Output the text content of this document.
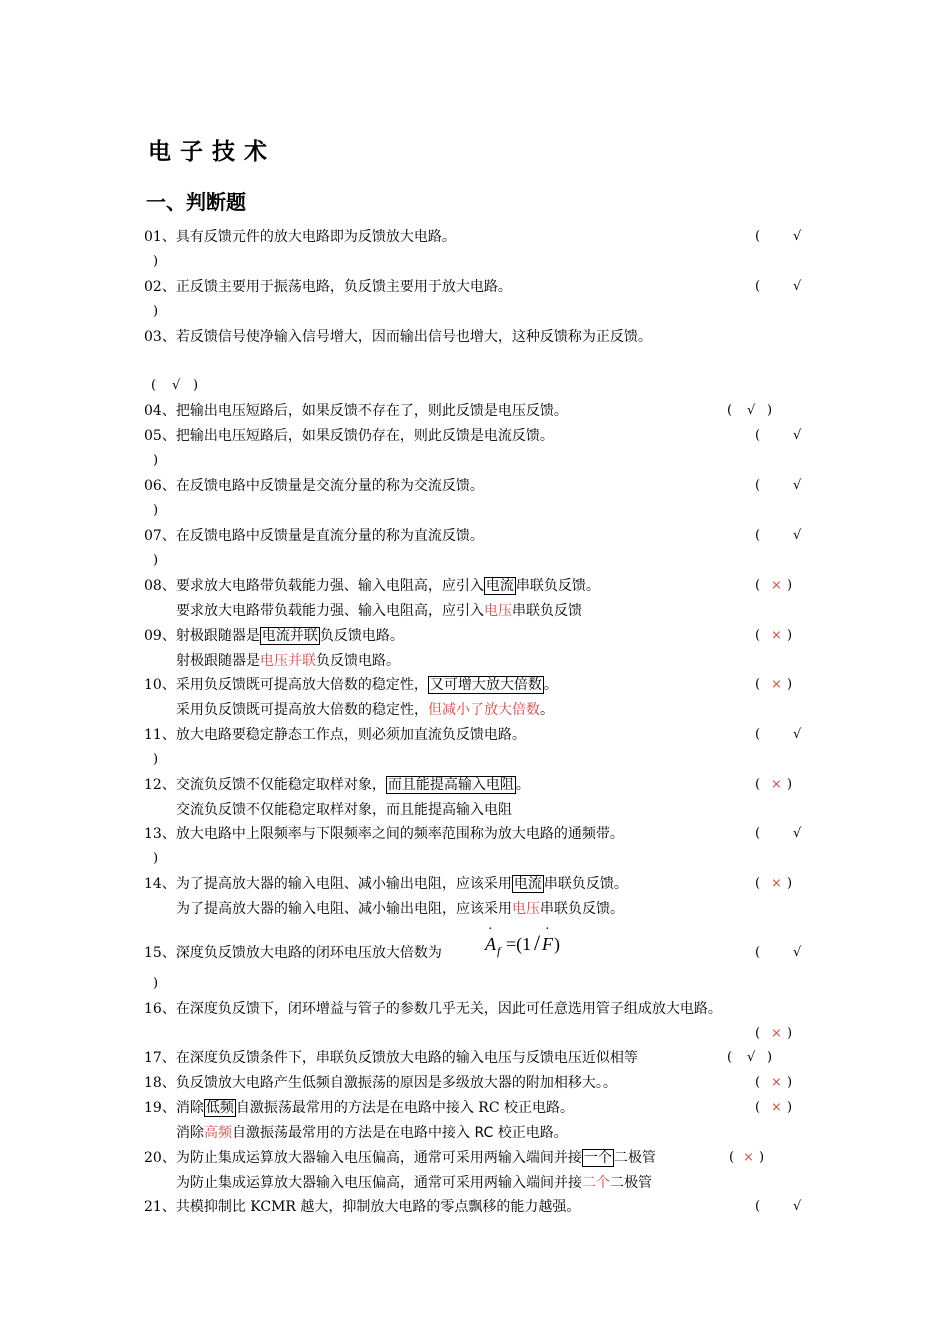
电子技术
一、判断题
01、具有反馈元件的放大电路即为反馈放大电路。	(	√
)
02、正反馈主要用于振荡电路，负反馈主要用于放大电路。	(	√
)
03、若反馈信号使净输入信号增大，因而输出信号也增大，这种反馈称为正反馈。
( √ )
04、把输出电压短路后，如果反馈不存在了，则此反馈是电压反馈。	( √ )
05、把输出电压短路后，如果反馈仍存在，则此反馈是电流反馈。	(	√
)
06、在反馈电路中反馈量是交流分量的称为交流反馈。	(	√
)
07、在反馈电路中反馈量是直流分量的称为直流反馈。	(	√
)
08、要求放大电路带负载能力强、输入电阻高，应引入 电流 串联负反馈。	( × )
要求放大电路带负载能力强、输入电阻高，应引入电压串联负反馈
09、射极跟随器是 电流并联 负反馈电路。	( × )
射极跟随器是电压并联负反馈电路。
10、采用负反馈既可提高放大倍数的稳定性， 又可增大放大倍数 。	( × )
采用负反馈既可提高放大倍数的稳定性，但减小了放大倍数。
11、放大电路要稳定静态工作点，则必须加直流负反馈电路。	(	√
)
12、交流负反馈不仅能稳定取样对象， 而且能提高输入电阻 。	( × )
交流负反馈不仅能稳定取样对象，而且能提高输入电阻
13、放大电路中上限频率与下限频率之间的频率范围称为放大电路的通频带。	(	√
)
14、为了提高放大器的输入电阻、减小输出电阻，应该采用 电流 串联负反馈。	( × )
为了提高放大器的输入电阻、减小输出电阻，应该采用电压串联负反馈。
15、深度负反馈放大电路的闭环电压放大倍数为	A
·
f =(1 / F
·
)	(	√
)
16、在深度负反馈下，闭环增益与管子的参数几乎无关，因此可任意选用管子组成放大电路。
( × )
17、在深度负反馈条件下，串联负反馈放大电路的输入电压与反馈电压近似相等	( √ )
18、负反馈放大电路产生低频自激振荡的原因是多级放大器的附加相移大。。	( × )
19、消除 低频 自激振荡最常用的方法是在电路中接入 RC 校正电路。	( × )
消除高频自激振荡最常用的方法是在电路中接入 RC 校正电路。
20、为防止集成运算放大器输入电压偏高，通常可采用两输入端间并接 一个 二极管	( × )
为防止集成运算放大器输入电压偏高，通常可采用两输入端间并接二个二极管
21、共模抑制比 KCMR 越大，抑制放大电路的零点飘移的能力越强。	(	√
